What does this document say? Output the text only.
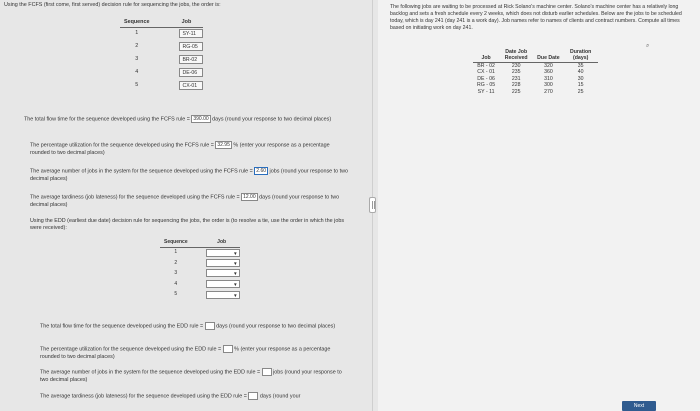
Using the FCFS (first come, first served) decision rule for sequencing the jobs, the order is:
Sequence	Job
1	SY-11
2	RG-05
3	BR-02
4	DE-06
5	CX-01
The total flow time for the sequence developed using the FCFS rule = 390.00 days (round your response to two decimal places)
The percentage utilization for the sequence developed using the FCFS rule = 32.95 % (enter your response as a percentage rounded to two decimal places)
The average number of jobs in the system for the sequence developed using the FCFS rule = 2.60 jobs (round your response to two decimal places)
The average tardiness (job lateness) for the sequence developed using the FCFS rule = 12.00 days (round your response to two decimal places)
Using the EDD (earliest due date) decision rule for sequencing the jobs, the order is (to resolve a tie, use the order in which the jobs were received):
Sequence	Job
1	▼

2	▼

3	▼

4	▼

5	▼
The total flow time for the sequence developed using the EDD rule = days (round your response to two decimal places)
The percentage utilization for the sequence developed using the EDD rule = % (enter your response as a percentage rounded to two decimal places)
The average number of jobs in the system for the sequence developed using the EDD rule = jobs (round your response to two decimal places)
The average tardiness (job lateness) for the sequence developed using the EDD rule = days (round your
The following jobs are waiting to be processed at Rick Solano's machine center. Solano's machine center has a relatively long backlog and sets a fresh schedule every 2 weeks, which does not disturb earlier schedules. Below are the jobs to be scheduled today, which is day 241 (day 241 is a work day). Job names refer to names of clients and contract numbers. Compute all times based on initiating work on day 241.
⌕
Job	Date Job Received	Due Date	Duration (days)
BR - 02	230	320	35
CX - 01	235	360	40
DE - 06	231	310	30
RG - 05	228	300	15
SY - 11	225	270	25
Next
